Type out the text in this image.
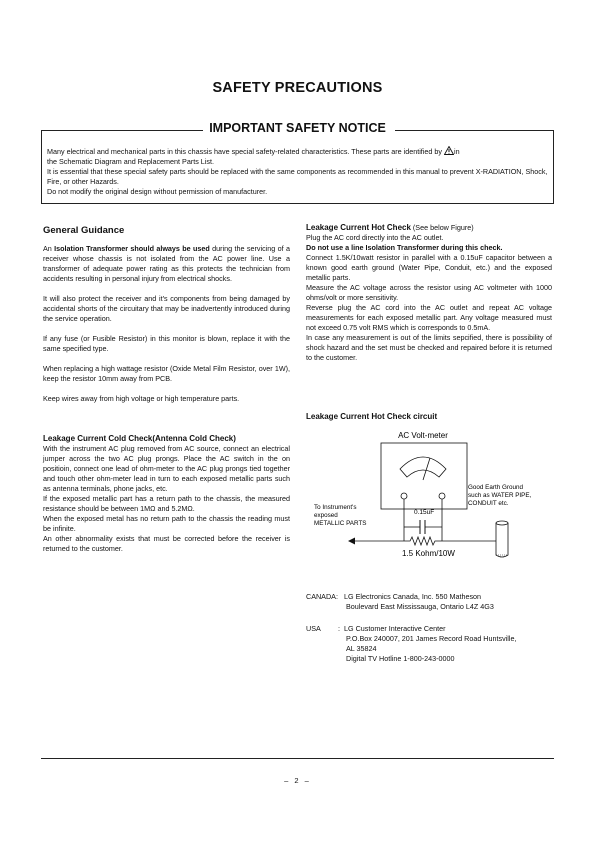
SAFETY PRECAUTIONS
IMPORTANT SAFETY NOTICE

Many electrical and mechanical parts in this chassis have special safety-related characteristics. These parts are identified by in

the Schematic Diagram and Replacement Parts List.

It is essential that these special safety parts should be replaced with the same components as recommended in this manual to prevent X-RADIATION, Shock, Fire, or other Hazards.

Do not modify the original design without permission of manufacturer.

General Guidance

An Isolation Transformer should always be used during the servicing of a receiver whose chassis is not isolated from the AC power line. Use a transformer of adequate power rating as this protects the technician from accidents resulting in personal injury from electrical shocks.

It will also protect the receiver and it's components from being damaged by accidental shorts of the circuitary that may be inadvertently introduced during the service operation.

If any fuse (or Fusible Resistor) in this monitor is blown, replace it with the same specified type.

When replacing a high wattage resistor (Oxide Metal Film Resistor, over 1W), keep the resistor 10mm away from PCB.

Keep wires away from high voltage or high temperature parts.

Leakage Current Cold Check(Antenna Cold Check)

With the instrument AC plug removed from AC source, connect an electrical jumper across the two AC plug prongs. Place the AC switch in the on positioin, connect one lead of ohm-meter to the AC plug prongs tied together and touch other ohm-meter lead in turn to each exposed metallic parts such as antenna terminals, phone jacks, etc.

If the exposed metallic part has a return path to the chassis, the measured resistance should be between 1MΩ and 5.2MΩ.

When the exposed metal has no return path to the chassis the reading must be infinite.

An other abnormality exists that must be corrected before the receiver is returned to the customer.

Leakage Current Hot Check (See below Figure)

Plug the AC cord directly into the AC outlet.

Do not use a line Isolation Transformer during this check.

Connect 1.5K/10watt resistor in parallel with a 0.15uF capacitor between a known good earth ground (Water Pipe, Conduit, etc.) and the exposed metallic parts.

Measure the AC voltage across the resistor using AC voltmeter with 1000 ohms/volt or more sensitivity.

Reverse plug the AC cord into the AC outlet and repeat AC voltage measurements for each exposed metallic part. Any voltage measured must not exceed 0.75 volt RMS which is corresponds to 0.5mA.

In case any measurement is out of the limits sepcified, there is possibility of shock hazard and the set must be checked and repaired before it is returned to the customer.

Leakage Current Hot Check circuit
AC Volt-meter
0.15uF
1.5 Kohm/10W
To Instrument's
exposed
METALLIC PARTS
Good Earth Ground
such as WATER PIPE,
CONDUIT etc.
CANADA: LG Electronics Canada, Inc. 550 Matheson
Boulevard East Mississauga, Ontario L4Z 4G3
USA : LG Customer Interactive Center
P.O.Box 240007, 201 James Record Road Huntsville,
AL 35824
Digital TV Hotline 1-800-243-0000
– 2 –
